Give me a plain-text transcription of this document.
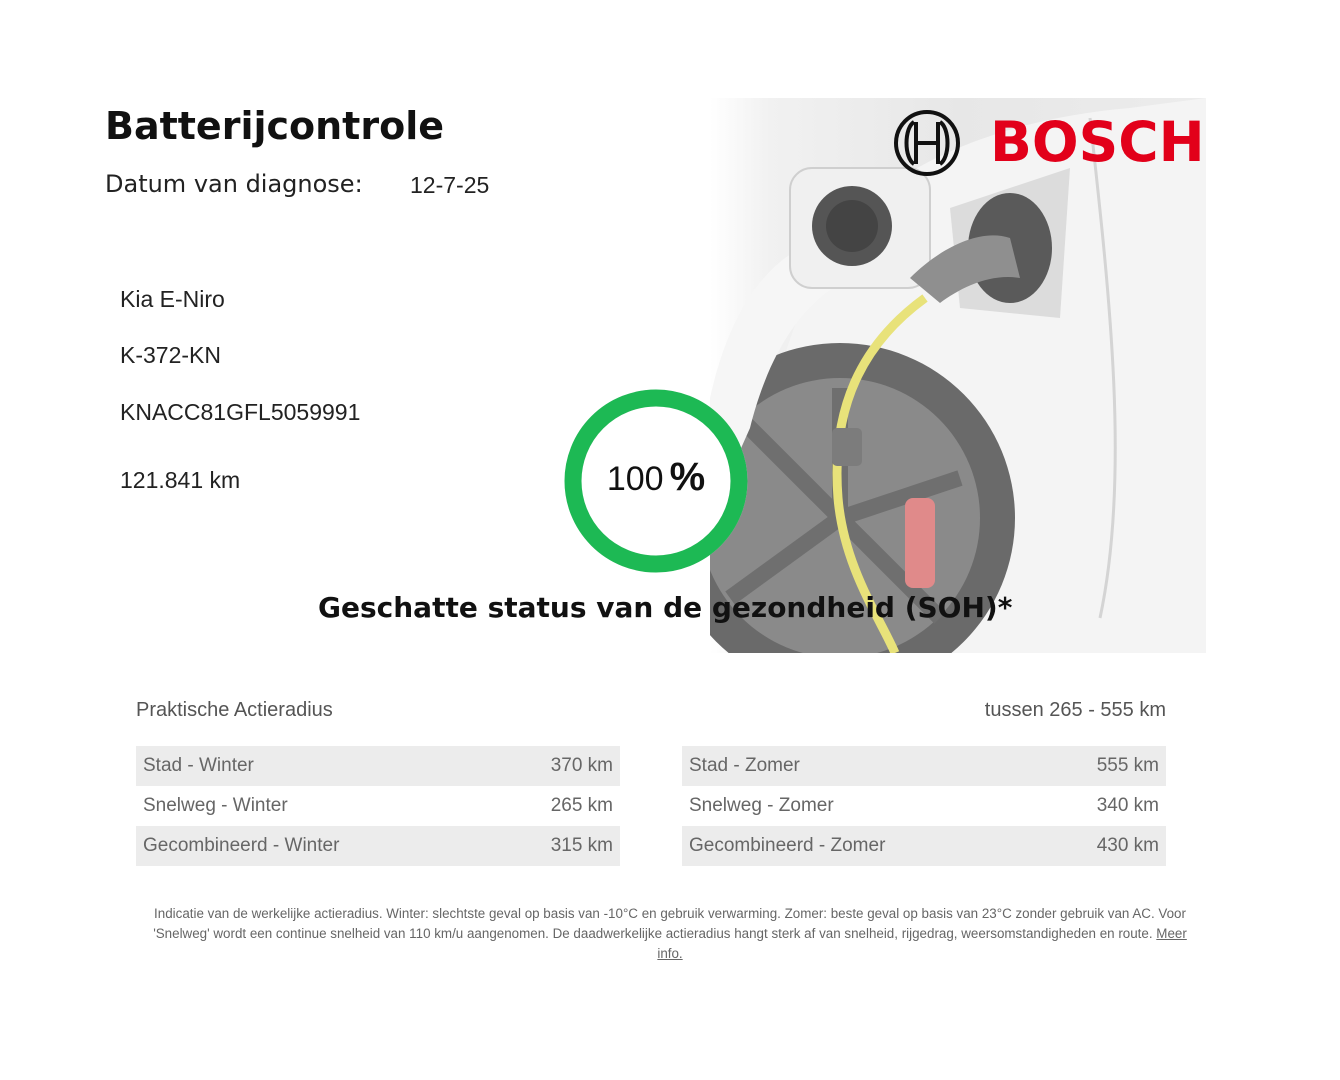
Batterijcontrole
Datum van diagnose: 12-7-25
BOSCH
Kia E-Niro
K-372-KN
KNACC81GFL5059991
121.841 km	100 %
Geschatte status van de gezondheid (SOH)*
Praktische Actieradius	tussen 265 - 555 km
Stad - Winter	370 km
Snelweg - Winter	265 km
Gecombineerd - Winter	315 km
Stad - Zomer	555 km
Snelweg - Zomer	340 km
Gecombineerd - Zomer	430 km
Indicatie van de werkelijke actieradius. Winter: slechtste geval op basis van -10°C en gebruik verwarming. Zomer: beste geval op basis van 23°C zonder gebruik van AC. Voor 'Snelweg' wordt een continue snelheid van 110 km/u aangenomen. De daadwerkelijke actieradius hangt sterk af van snelheid, rijgedrag, weersomstandigheden en route. Meer info.
